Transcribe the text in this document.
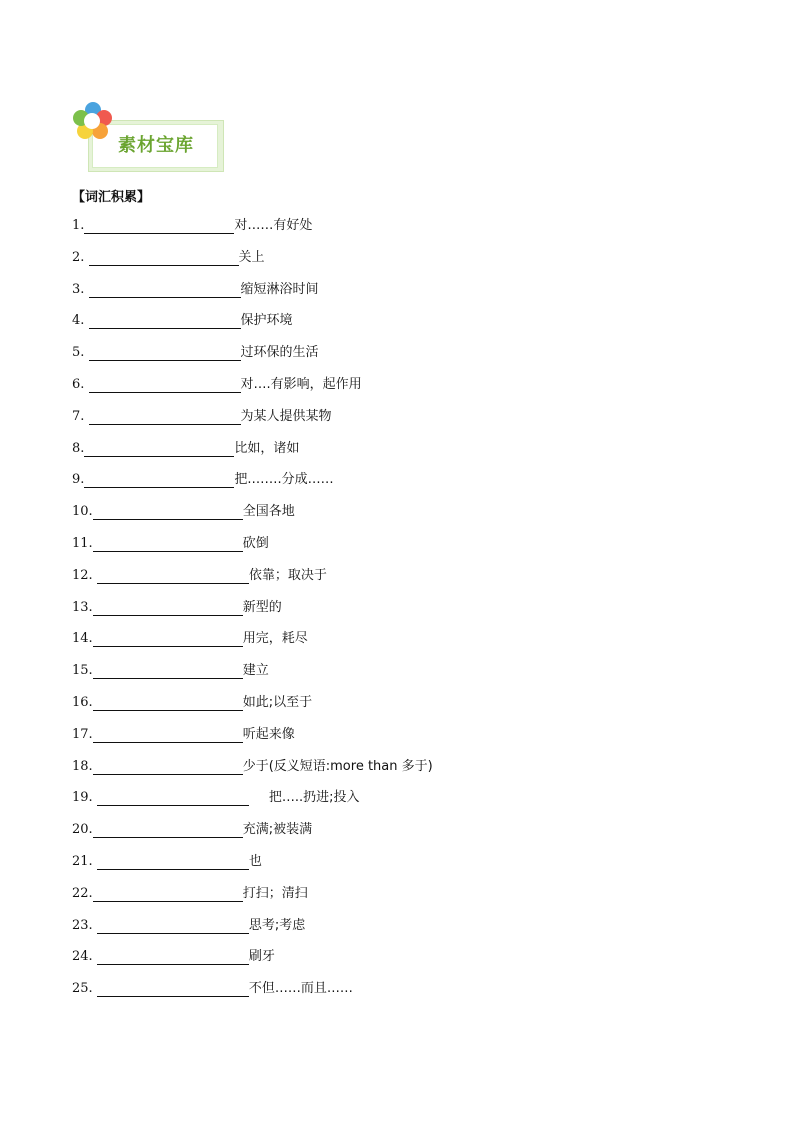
素材宝库
【词汇积累】
1.	对……有好处
2.	关上
3.	缩短淋浴时间
4.	保护环境
5.	过环保的生活
6.	对….有影响，起作用
7.	为某人提供某物
8.	比如，诸如
9.	把.…….分成……
10.	全国各地
11.	砍倒
12.	依靠；取决于
13.	新型的
14.	用完，耗尽
15.	建立
16.	如此;以至于
17.	听起来像
18.	少于(反义短语:more than 多于)
19.	把…..扔进;投入
20.	充满;被装满
21.	也
22.	打扫；清扫
23.	思考;考虑
24.	刷牙
25.	不但……而且……
